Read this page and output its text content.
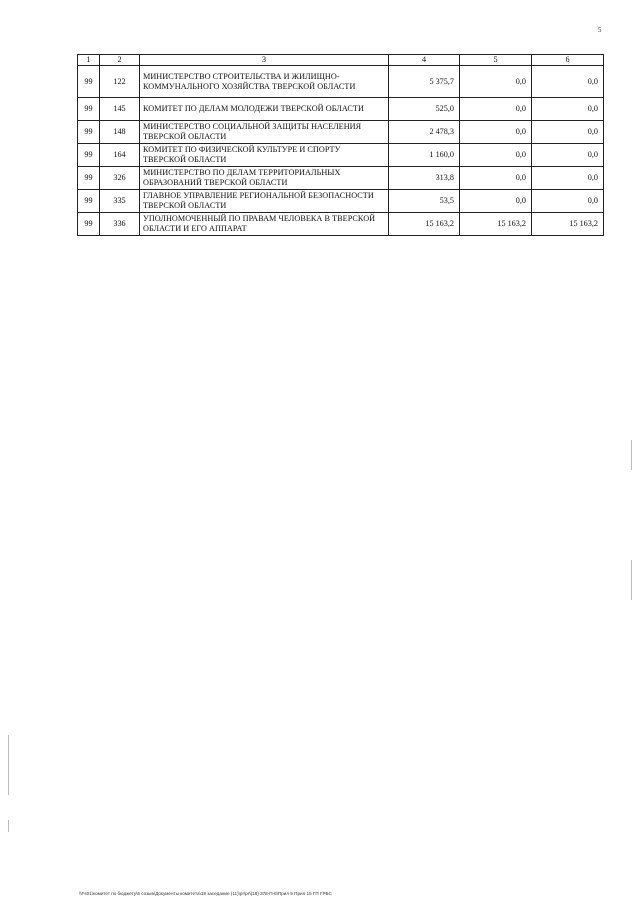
5
1	2	3	4	5	6
99	122	МИНИСТЕРСТВО СТРОИТЕЛЬСТВА И ЖИЛИЩНО-КОММУНАЛЬНОГО ХОЗЯЙСТВА ТВЕРСКОЙ ОБЛАСТИ	5 375,7	0,0	0,0
99	145	КОМИТЕТ ПО ДЕЛАМ МОЛОДЕЖИ ТВЕРСКОЙ ОБЛАСТИ	525,0	0,0	0,0
99	148	МИНИСТЕРСТВО СОЦИАЛЬНОЙ ЗАЩИТЫ НАСЕЛЕНИЯ ТВЕРСКОЙ ОБЛАСТИ	2 478,3	0,0	0,0
99	164	КОМИТЕТ ПО ФИЗИЧЕСКОЙ КУЛЬТУРЕ И СПОРТУ ТВЕРСКОЙ ОБЛАСТИ	1 160,0	0,0	0,0
99	326	МИНИСТЕРСТВО ПО ДЕЛАМ ТЕРРИТОРИАЛЬНЫХ ОБРАЗОВАНИЙ ТВЕРСКОЙ ОБЛАСТИ	313,8	0,0	0,0
99	335	ГЛАВНОЕ УПРАВЛЕНИЕ РЕГИОНАЛЬНОЙ БЕЗОПАСНОСТИ ТВЕРСКОЙ ОБЛАСТИ	53,5	0,0	0,0
99	336	УПОЛНОМОЧЕННЫЙ ПО ПРАВАМ ЧЕЛОВЕКА В ТВЕРСКОЙ ОБЛАСТИ И ЕГО АППАРАТ	15 163,2	15 163,2	15 163,2
\\Fs01\комитет по бюджету\6 созыв\Документы комитета\18 заседание (11)\pr\pr\(18) 378-П-6\Прил 9 Прил 15 ГП ГРБС
